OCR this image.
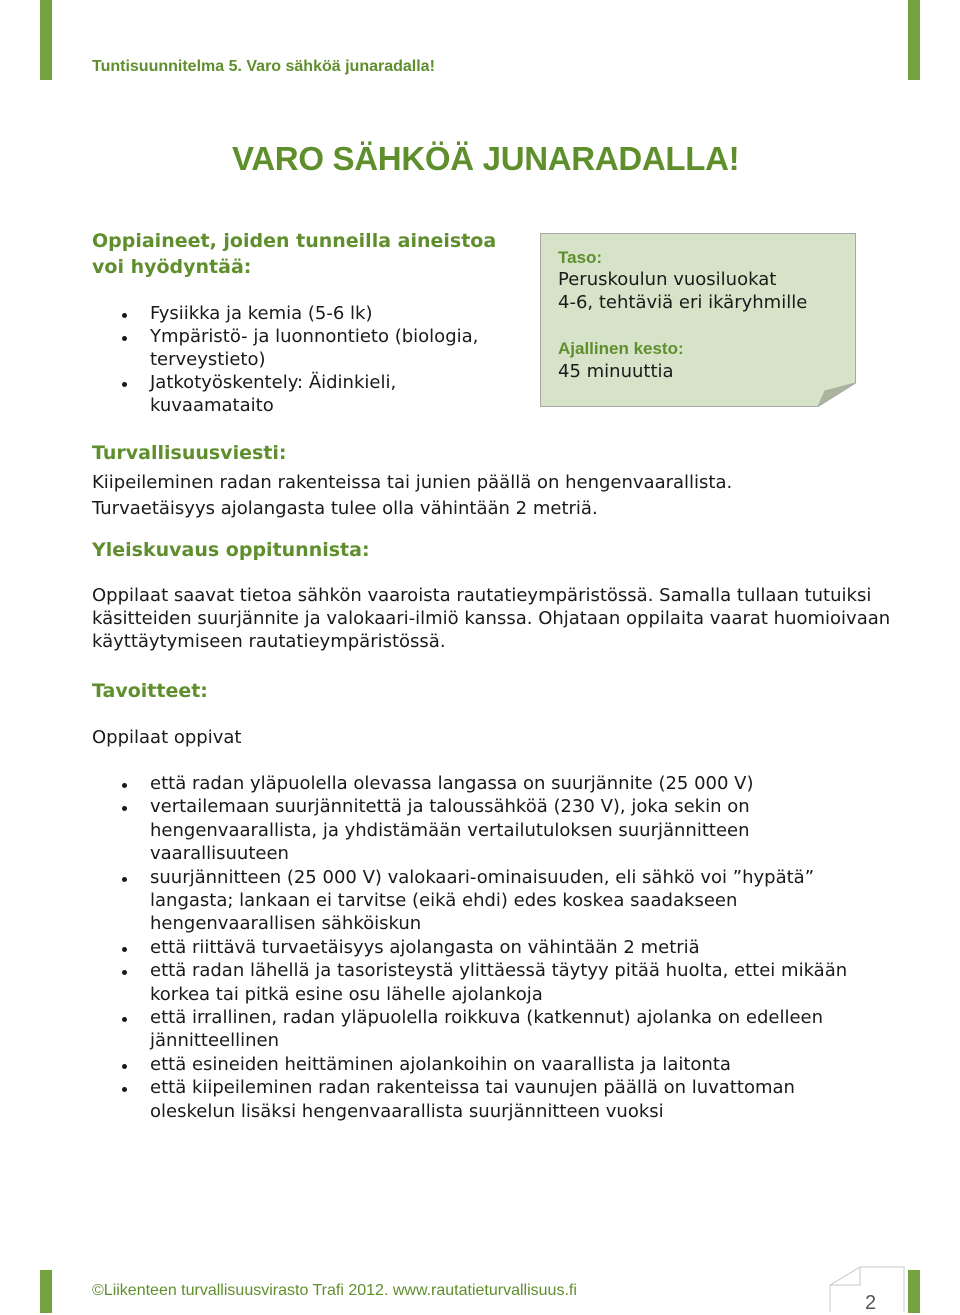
Tuntisuunnitelma 5. Varo sähköä junaradalla!
VARO SÄHKÖÄ JUNARADALLA!
Oppiaineet, joiden tunneilla aineistoa voi hyödyntää:
Fysiikka ja kemia (5-6 lk)
Ympäristö- ja luonnontieto (biologia, terveystieto)
Jatkotyöskentely: Äidinkieli, kuvaamataito
Taso:
Peruskoulun vuosiluokat
4-6, tehtäviä eri ikäryhmille
Ajallinen kesto:
45 minuuttia
Turvallisuusviesti:

Kiipeileminen radan rakenteissa tai junien päällä on hengenvaarallista.

Turvaetäisyys ajolangasta tulee olla vähintään 2 metriä.

Yleiskuvaus oppitunnista:

Oppilaat saavat tietoa sähkön vaaroista rautatieympäristössä. Samalla tullaan tutuiksi käsitteiden suurjännite ja valokaari-ilmiö kanssa. Ohjataan oppilaita vaarat huomioivaan käyttäytymiseen rautatieympäristössä.

Tavoitteet:

Oppilaat oppivat

että radan yläpuolella olevassa langassa on suurjännite (25 000 V)
vertailemaan suurjännitettä ja taloussähköä (230 V), joka sekin on hengenvaarallista, ja yhdistämään vertailutuloksen suurjännitteen vaarallisuuteen
suurjännitteen (25 000 V) valokaari-ominaisuuden, eli sähkö voi ”hypätä” langasta; lankaan ei tarvitse (eikä ehdi) edes koskea saadakseen hengenvaarallisen sähköiskun
että riittävä turvaetäisyys ajolangasta on vähintään 2 metriä
että radan lähellä ja tasoristeystä ylittäessä täytyy pitää huolta, ettei mikään korkea tai pitkä esine osu lähelle ajolankoja
että irrallinen, radan yläpuolella roikkuva (katkennut) ajolanka on edelleen jännitteellinen
että esineiden heittäminen ajolankoihin on vaarallista ja laitonta
että kiipeileminen radan rakenteissa tai vaunujen päällä on luvattoman oleskelun lisäksi hengenvaarallista suurjännitteen vuoksi
©Liikenteen turvallisuusvirasto Trafi 2012. www.rautatieturvallisuus.fi
2
